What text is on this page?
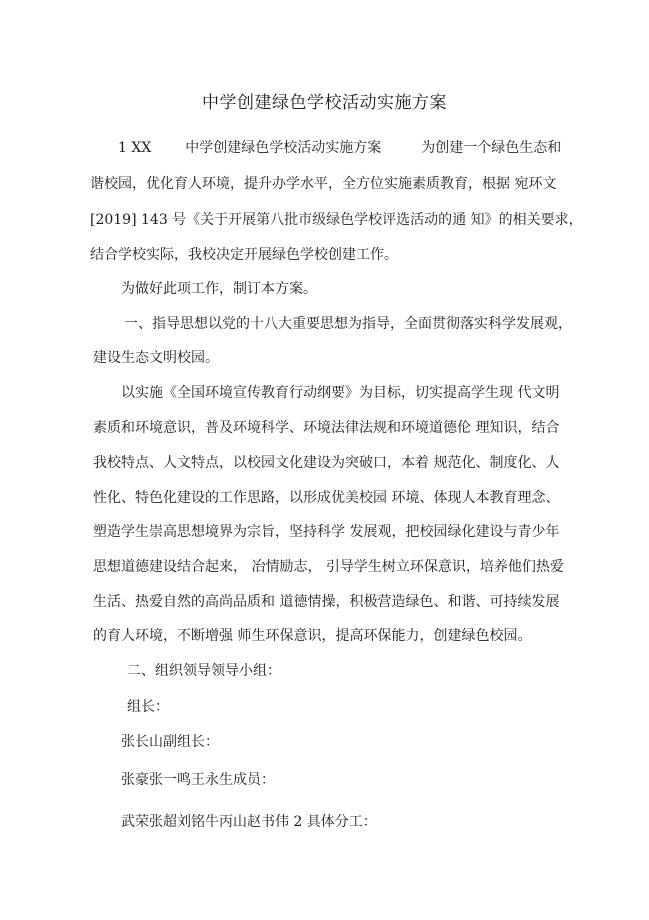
中学创建绿色学校活动实施方案
1 XX 中学创建绿色学校活动实施方案	为创建一个绿色生态和
谐校园，优化育人环境，提升办学水平，全方位实施素质教育，根据 宛环文
[2019] 143 号《关于开展第八批市级绿色学校评选活动的通 知》的相关要求，
结合学校实际，我校决定开展绿色学校创建工作。
为做好此项工作，制订本方案。
一、指导思想以党的十八大重要思想为指导，全面贯彻落实科学发展观，
建设生态文明校园。
以实施《全国环境宣传教育行动纲要》为目标，切实提高学生现 代文明
素质和环境意识，普及环境科学、环境法律法规和环境道德伦 理知识，结合
我校特点、人文特点，以校园文化建设为突破口，本着 规范化、制度化、人
性化、特色化建设的工作思路，以形成优美校园 环境、体现人本教育理念、
塑造学生崇高思想境界为宗旨，坚持科学 发展观，把校园绿化建设与青少年
思想道德建设结合起来， 冶情励志， 引导学生树立环保意识，培养他们热爱
生活、热爱自然的高尚品质和 道德情操，积极营造绿色、和谐、可持续发展
的育人环境，不断增强 师生环保意识，提高环保能力，创建绿色校园。
二、组织领导领导小组：
组长：
张长山副组长：
张豪张一鸣王永生成员：
武荣张超刘铭牛丙山赵书伟 2 具体分工：
